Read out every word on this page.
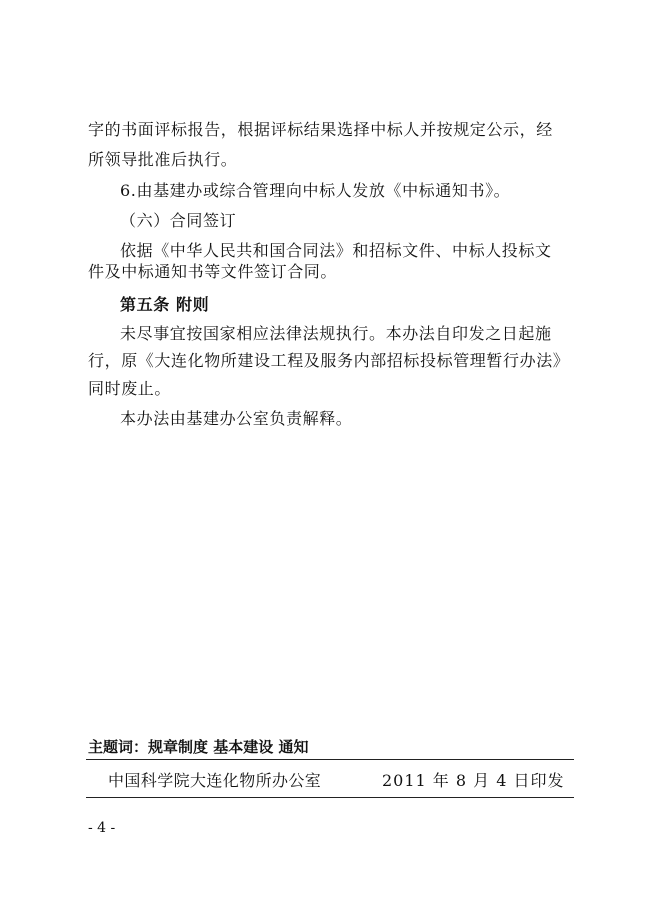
字的书面评标报告，根据评标结果选择中标人并按规定公示，经
所领导批准后执行。
6.由基建办或综合管理向中标人发放《中标通知书》。
（六）合同签订
依据《中华人民共和国合同法》和招标文件、中标人投标文
件及中标通知书等文件签订合同。
第五条 附则
未尽事宜按国家相应法律法规执行。本办法自印发之日起施
行，原《大连化物所建设工程及服务内部招标投标管理暂行办法》
同时废止。
本办法由基建办公室负责解释。
主题词：规章制度 基本建设 通知
中国科学院大连化物所办公室	2011 年 8 月 4 日印发
- 4 -
